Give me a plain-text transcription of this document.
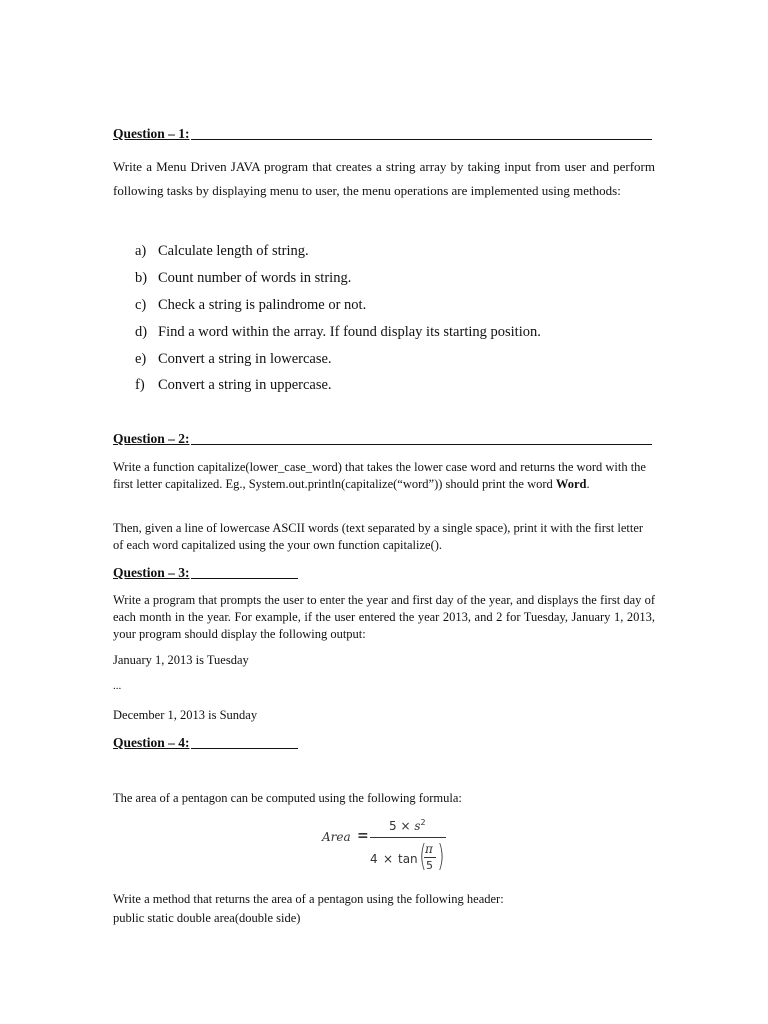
Question – 1:
Write a Menu Driven JAVA program that creates a string array by taking input from user and perform following tasks by displaying menu to user, the menu operations are implemented using methods:
a) Calculate length of string.
b) Count number of words in string.
c) Check a string is palindrome or not.
d) Find a word within the array. If found display its starting position.
e) Convert a string in lowercase.
f) Convert a string in uppercase.
Question – 2:
Write a function capitalize(lower_case_word) that takes the lower case word and returns the word with the first letter capitalized. Eg., System.out.println(capitalize(“word”)) should print the word Word.
Then, given a line of lowercase ASCII words (text separated by a single space), print it with the first letter of each word capitalized using the your own function capitalize().
Question – 3:
Write a program that prompts the user to enter the year and first day of the year, and displays the first day of each month in the year. For example, if the user entered the year 2013, and 2 for Tuesday, January 1, 2013, your program should display the following output:
January 1, 2013 is Tuesday
...
December 1, 2013 is Sunday
Question – 4:
The area of a pentagon can be computed using the following formula:
Area =
$5 \times s^2$
4 × tan (
π
5 )
Write a method that returns the area of a pentagon using the following header:
public static double area(double side)
